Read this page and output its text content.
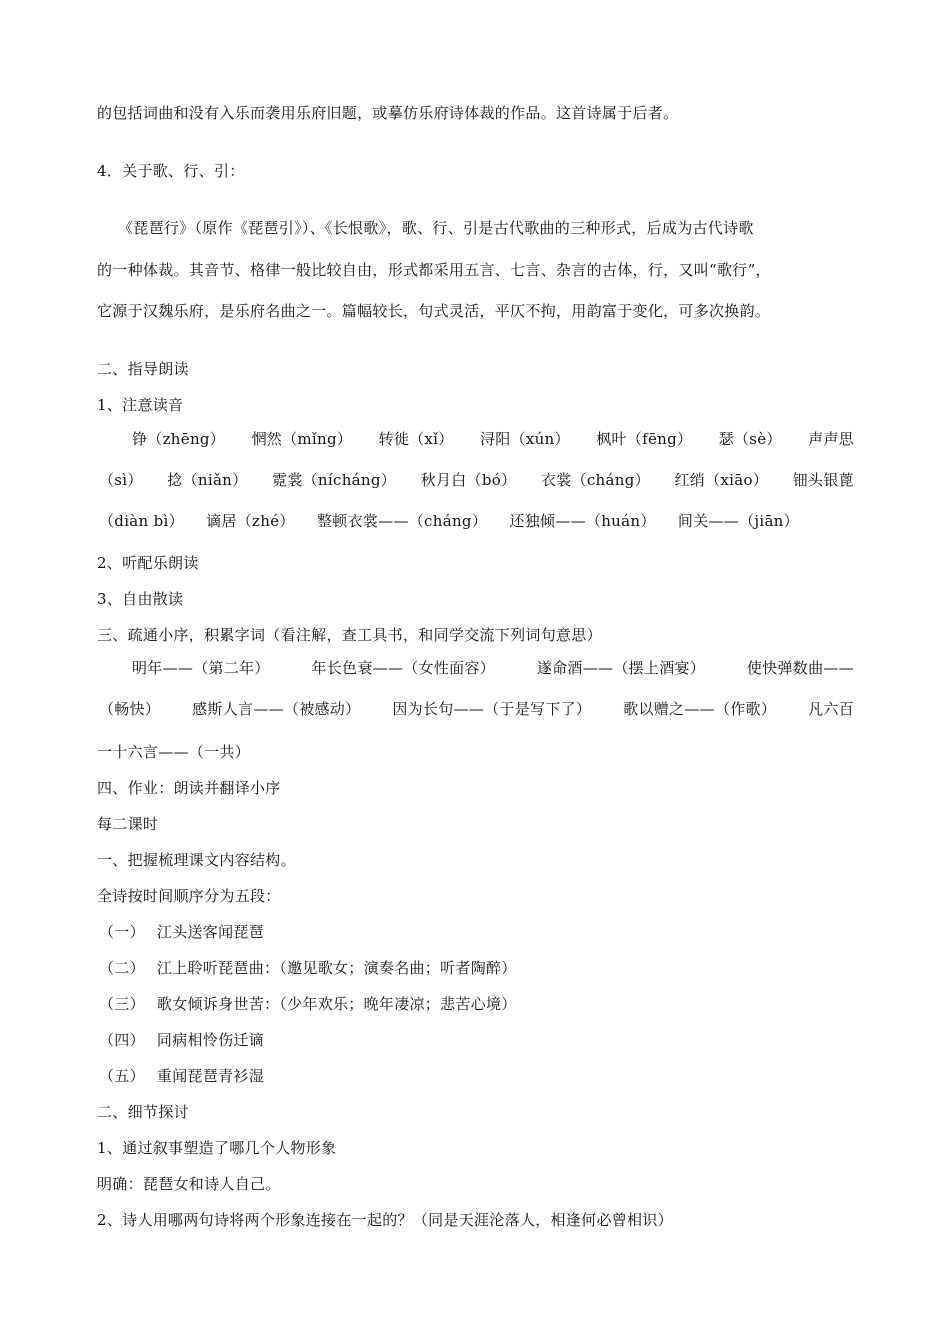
的包括词曲和没有入乐而袭用乐府旧题，或摹仿乐府诗体裁的作品。这首诗属于后者。
4．关于歌、行、引：
《琵琶行》（原作《琵琶引》）、《长恨歌》，歌、行、引是古代歌曲的三种形式，后成为古代诗歌
的一种体裁。其音节、格律一般比较自由，形式都采用五言、七言、杂言的古体，行，又叫“歌行”，
它源于汉魏乐府，是乐府名曲之一。篇幅较长，句式灵活，平仄不拘，用韵富于变化，可多次换韵。
二、指导朗读
1、注意读音
铮（zhēng） 惘然（mǐng） 转徙（xǐ） 浔阳（xún） 枫叶（fēng） 瑟（sè） 声声思
（sì） 捻（niǎn） 霓裳（nícháng） 秋月白（bó） 衣裳（cháng） 红绡（xiāo） 钿头银蓖
（diàn bì） 谪居（zhé） 整顿衣裳——（cháng） 还独倾——（huán） 间关——（jiān）
2、听配乐朗读
3、自由散读
三、疏通小序，积累字词（看注解，查工具书，和同学交流下列词句意思）
明年——（第二年）	年长色衰——（女性面容）	遂命酒——（摆上酒宴）	使快弹数曲——
（畅快） 感斯人言——（被感动） 因为长句——（于是写下了） 歌以赠之——（作歌） 凡六百
一十六言——（一共）
四、作业：朗读并翻译小序
每二课时
一、把握梳理课文内容结构。
全诗按时间顺序分为五段：
（一） 江头送客闻琵琶
（二） 江上聆听琵琶曲：（邀见歌女；演奏名曲；听者陶醉）
（三） 歌女倾诉身世苦：（少年欢乐；晚年凄凉；悲苦心境）
（四） 同病相怜伤迁谪
（五） 重闻琵琶青衫湿
二、细节探讨
1、通过叙事塑造了哪几个人物形象
明确：琵琶女和诗人自己。
2、诗人用哪两句诗将两个形象连接在一起的？（同是天涯沦落人，相逢何必曾相识）
